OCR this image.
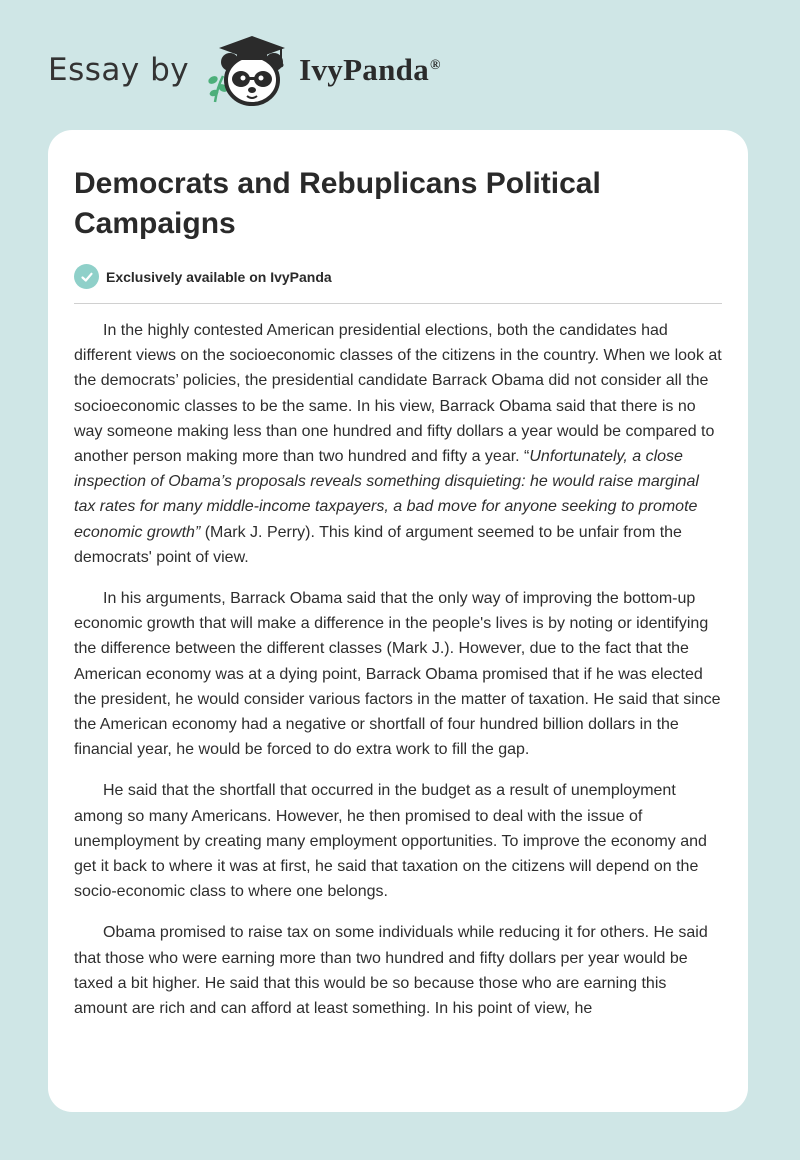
Essay by	IvyPanda®
Democrats and Rebuplicans Political Campaigns
Exclusively available on IvyPanda

In the highly contested American presidential elections, both the candidates had different views on the socioeconomic classes of the citizens in the country. When we look at the democrats’ policies, the presidential candidate Barrack Obama did not consider all the socioeconomic classes to be the same. In his view, Barrack Obama said that there is no way someone making less than one hundred and fifty dollars a year would be compared to another person making more than two hundred and fifty a year. “Unfortunately, a close inspection of Obama’s proposals reveals something disquieting: he would raise marginal tax rates for many middle-income taxpayers, a bad move for anyone seeking to promote economic growth” (Mark J. Perry). This kind of argument seemed to be unfair from the democrats' point of view.

In his arguments, Barrack Obama said that the only way of improving the bottom-up economic growth that will make a difference in the people's lives is by noting or identifying the difference between the different classes (Mark J.). However, due to the fact that the American economy was at a dying point, Barrack Obama promised that if he was elected the president, he would consider various factors in the matter of taxation. He said that since the American economy had a negative or shortfall of four hundred billion dollars in the financial year, he would be forced to do extra work to fill the gap.

He said that the shortfall that occurred in the budget as a result of unemployment among so many Americans. However, he then promised to deal with the issue of unemployment by creating many employment opportunities. To improve the economy and get it back to where it was at first, he said that taxation on the citizens will depend on the socio-economic class to where one belongs.

Obama promised to raise tax on some individuals while reducing it for others. He said that those who were earning more than two hundred and fifty dollars per year would be taxed a bit higher. He said that this would be so because those who are earning this amount are rich and can afford at least something. In his point of view, he
